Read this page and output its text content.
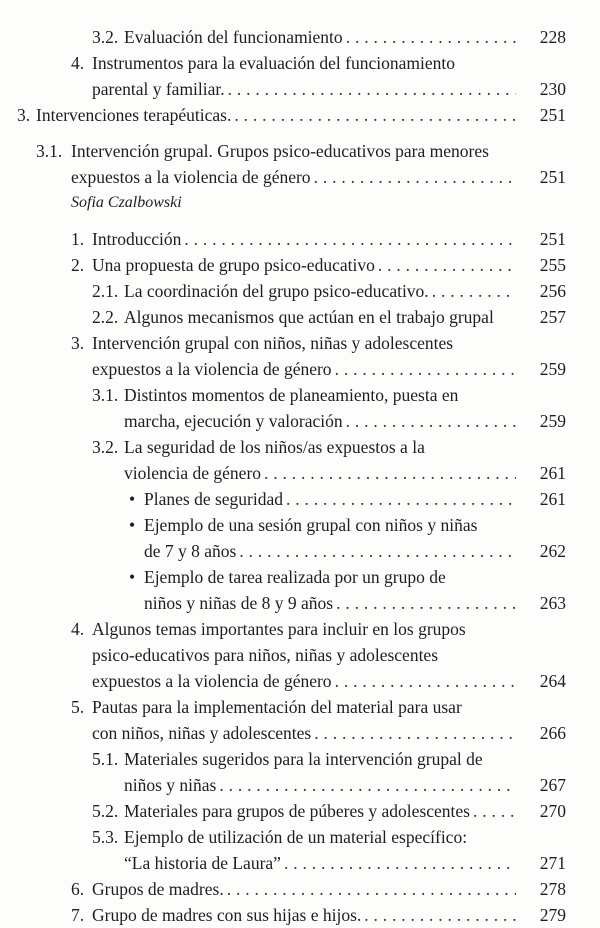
3.2. Evaluación del funcionamiento . . .	228
4. Instrumentos para la evaluación del funcionamiento
parental y familiar. . . .	230
3. Intervenciones terapéuticas. . . .	251
3.1. Intervención grupal. Grupos psico-educativos para menores
expuestos a la violencia de género . . .	251
Sofia Czalbowski
1. Introducción . . .	251
2. Una propuesta de grupo psico-educativo . . .	255
2.1. La coordinación del grupo psico-educativo. . . .	256
2.2. Algunos mecanismos que actúan en el trabajo grupal	257
3. Intervención grupal con niños, niñas y adolescentes
expuestos a la violencia de género . . .	259
3.1. Distintos momentos de planeamiento, puesta en
marcha, ejecución y valoración . . .	259
3.2. La seguridad de los niños/as expuestos a la
violencia de género . . .	261
• Planes de seguridad . . .	261
• Ejemplo de una sesión grupal con niños y niñas
de 7 y 8 años . . .	262
• Ejemplo de tarea realizada por un grupo de
niños y niñas de 8 y 9 años . . .	263
4. Algunos temas importantes para incluir en los grupos
psico-educativos para niños, niñas y adolescentes
expuestos a la violencia de género . . .	264
5. Pautas para la implementación del material para usar
con niños, niñas y adolescentes . . .	266
5.1. Materiales sugeridos para la intervención grupal de
niños y niñas . . .	267
5.2. Materiales para grupos de púberes y adolescentes . . .	270
5.3. Ejemplo de utilización de un material específico:
“La historia de Laura” . . .	271
6. Grupos de madres. . . .	278
7. Grupo de madres con sus hijas e hijos. . . .	279
